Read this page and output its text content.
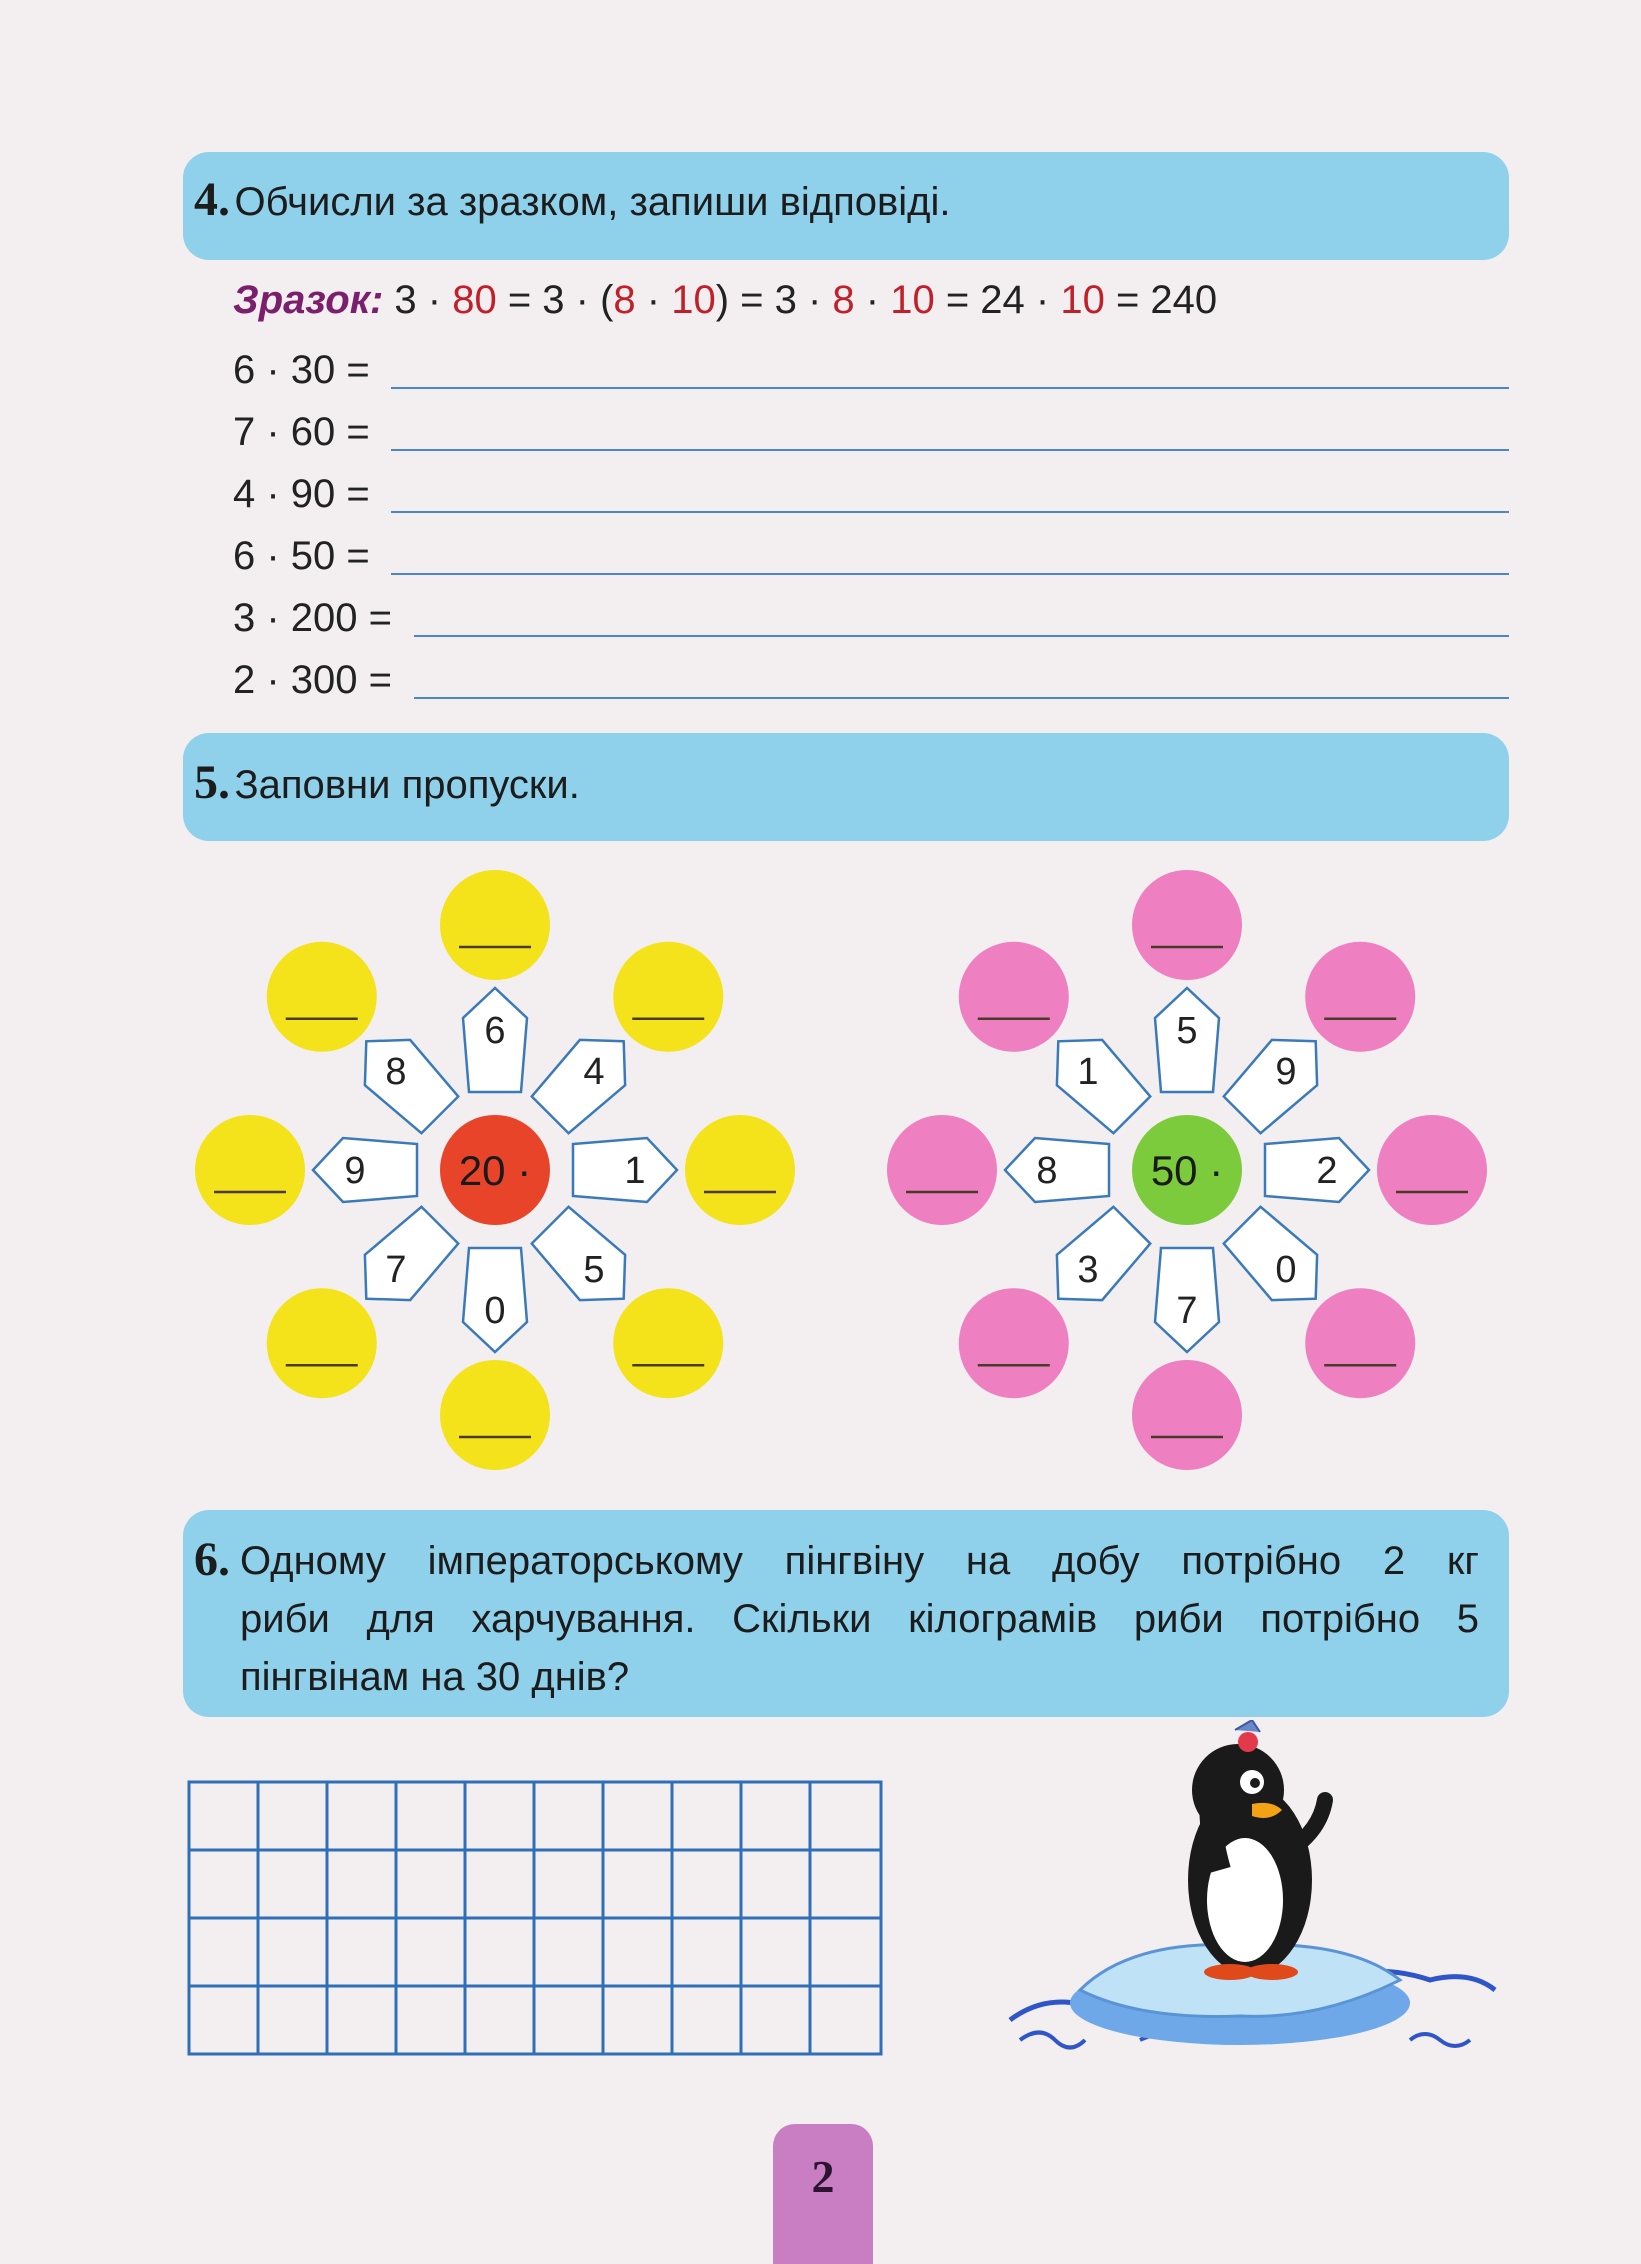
4. Обчисли за зразком, запиши відповіді.
Зразок: 3 · 80 = 3 · (8 · 10) = 3 · 8 · 10 = 24 · 10 = 240
6 · 30 =
7 · 60 =
4 · 90 =
6 · 50 =
3 · 200 =
2 · 300 =
5. Заповни пропуски.
6
4
1
5
0
7
9
8
20 ·
5
9
2
0
7
3
8
1
50 ·
6. Одному імператорському пінгвіну на добу потрібно 2 кг
риби для харчування. Скільки кілограмів риби потрібно 5
пінгвінам на 30 днів?
2
